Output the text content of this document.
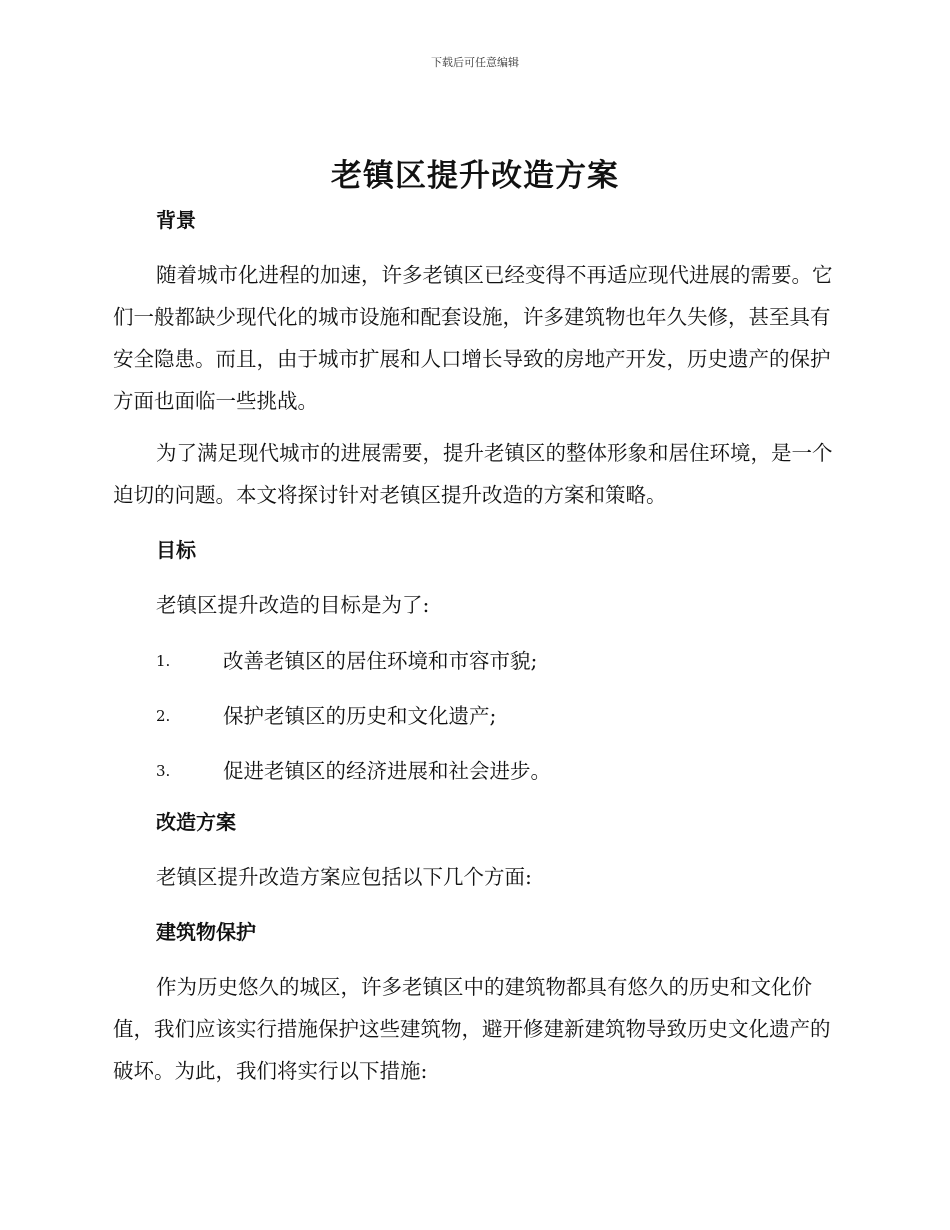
下载后可任意编辑
老镇区提升改造方案
背景

随着城市化进程的加速，许多老镇区已经变得不再适应现代进展的需要。它们一般都缺少现代化的城市设施和配套设施，许多建筑物也年久失修，甚至具有安全隐患。而且，由于城市扩展和人口增长导致的房地产开发，历史遗产的保护方面也面临一些挑战。

为了满足现代城市的进展需要，提升老镇区的整体形象和居住环境，是一个迫切的问题。本文将探讨针对老镇区提升改造的方案和策略。

目标

老镇区提升改造的目标是为了:

1.	改善老镇区的居住环境和市容市貌;
2.	保护老镇区的历史和文化遗产;
3.	促进老镇区的经济进展和社会进步。
改造方案

老镇区提升改造方案应包括以下几个方面:

建筑物保护

作为历史悠久的城区，许多老镇区中的建筑物都具有悠久的历史和文化价值，我们应该实行措施保护这些建筑物，避开修建新建筑物导致历史文化遗产的破坏。为此，我们将实行以下措施:
